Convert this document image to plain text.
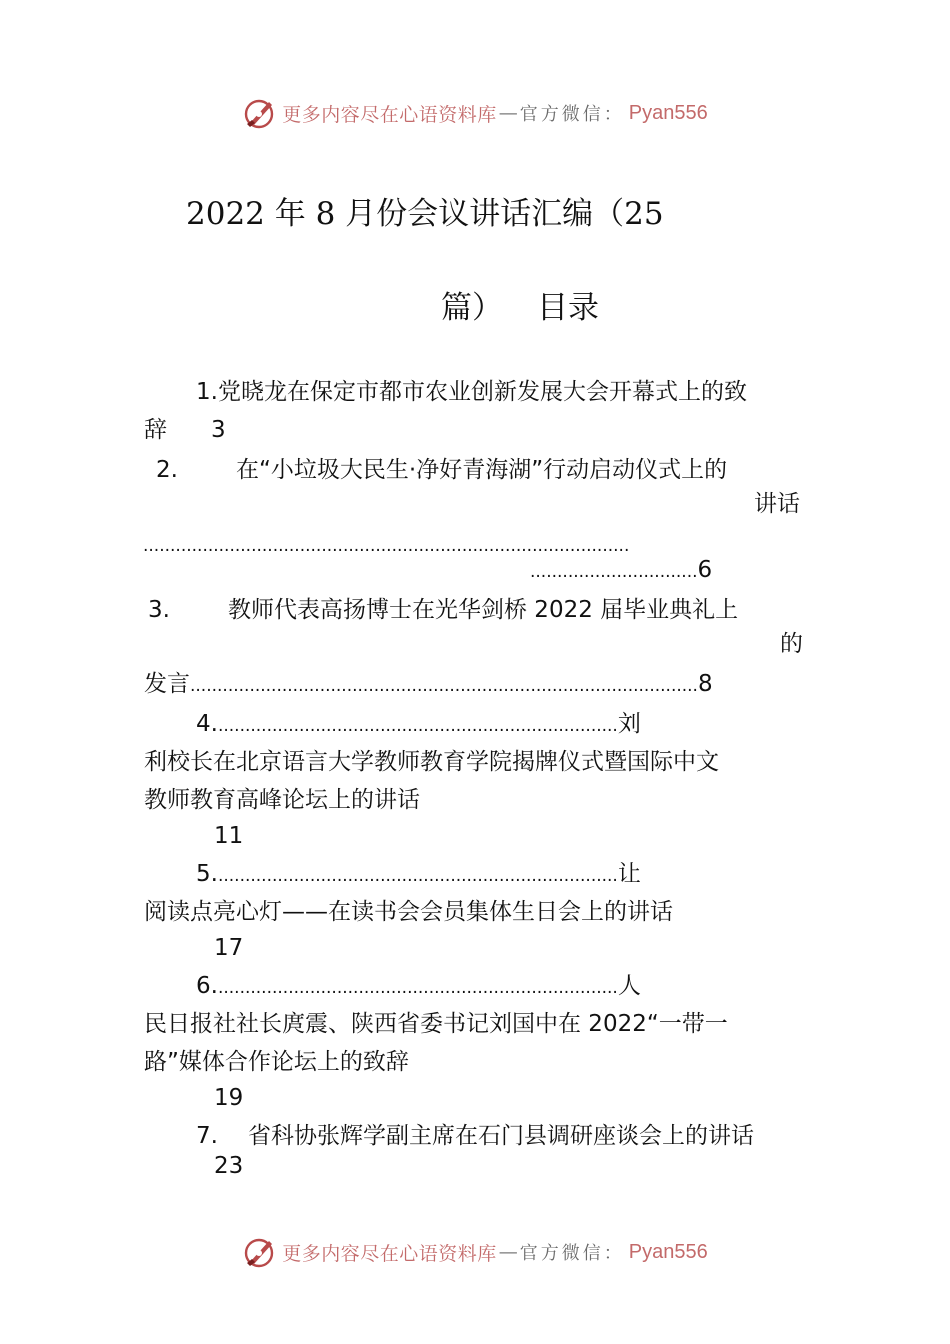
更多内容尽在心语资料库 — 官方微信： Pyan556
2022 年 8 月份会议讲话汇编（25
篇） 目录
1.党晓龙在保定市都市农业创新发展大会开幕式上的致
辞 3
2.	在“小垃圾大民生·净好青海湖”行动启动仪式上的
讲话
..........................................................................................
...............................6
3.	教师代表高扬博士在光华剑桥 2022 届毕业典礼上
的
发言..............................................................................................8
4...........................................................................刘
利校长在北京语言大学教师教育学院揭牌仪式暨国际中文
教师教育高峰论坛上的讲话
11
5...........................................................................让
阅读点亮心灯——在读书会会员集体生日会上的讲话
17
6...........................................................................人
民日报社社长庹震、陕西省委书记刘国中在 2022“一带一
路”媒体合作论坛上的致辞
19
7. 省科协张辉学副主席在石门县调研座谈会上的讲话
23
更多内容尽在心语资料库 — 官方微信： Pyan556
